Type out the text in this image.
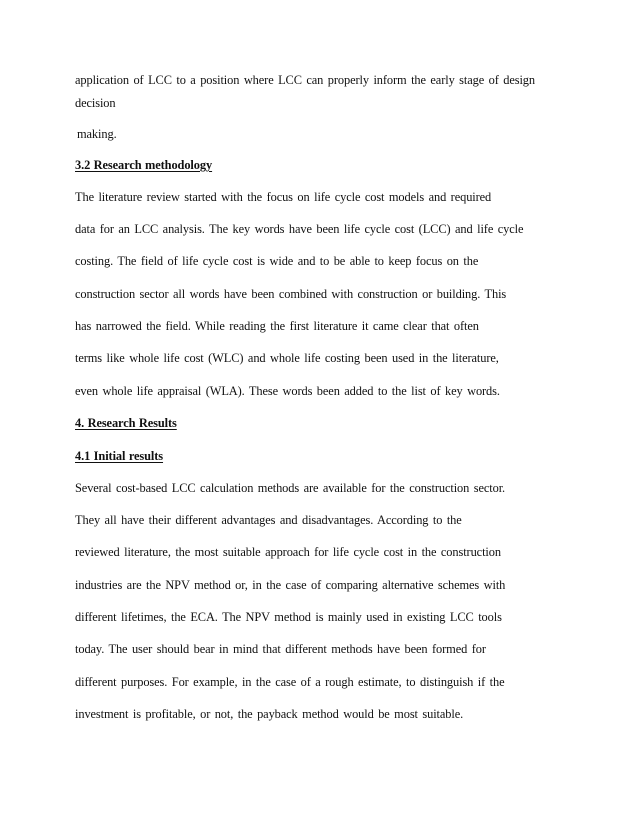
application of LCC to a position where LCC can properly inform the early stage of design
decision
making.
3.2 Research methodology
The literature review started with the focus on life cycle cost models and required
data for an LCC analysis. The key words have been life cycle cost (LCC) and life cycle
costing. The field of life cycle cost is wide and to be able to keep focus on the
construction sector all words have been combined with construction or building. This
has narrowed the field. While reading the first literature it came clear that often
terms like whole life cost (WLC) and whole life costing been used in the literature,
even whole life appraisal (WLA). These words been added to the list of key words.
4. Research Results
4.1 Initial results
Several cost-based LCC calculation methods are available for the construction sector.
They all have their different advantages and disadvantages. According to the
reviewed literature, the most suitable approach for life cycle cost in the construction
industries are the NPV method or, in the case of comparing alternative schemes with
different lifetimes, the ECA. The NPV method is mainly used in existing LCC tools
today. The user should bear in mind that different methods have been formed for
different purposes. For example, in the case of a rough estimate, to distinguish if the
investment is profitable, or not, the payback method would be most suitable.
